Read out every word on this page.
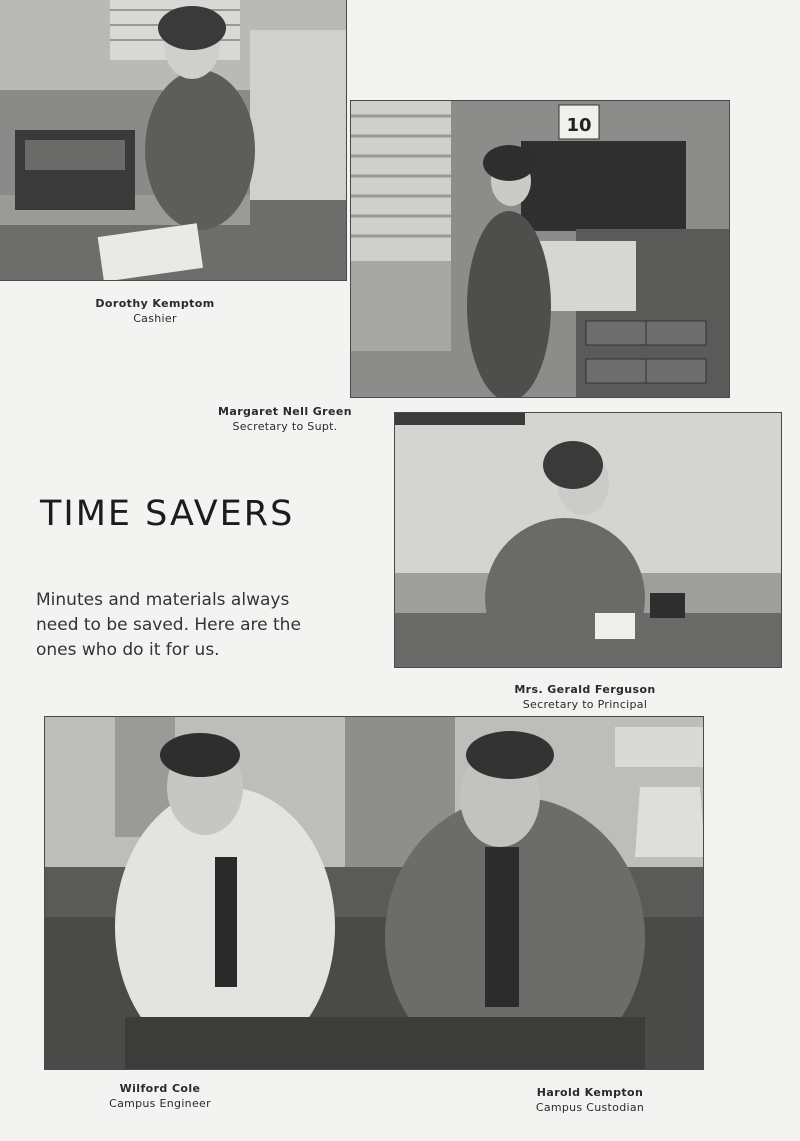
Dorothy Kemptom
Cashier
10
Margaret Nell Green
Secretary to Supt.
TIME SAVERS

Minutes and materials always need to be saved. Here are the ones who do it for us.

Mrs. Gerald Ferguson
Secretary to Principal
Wilford Cole
Campus Engineer
Harold Kempton
Campus Custodian
